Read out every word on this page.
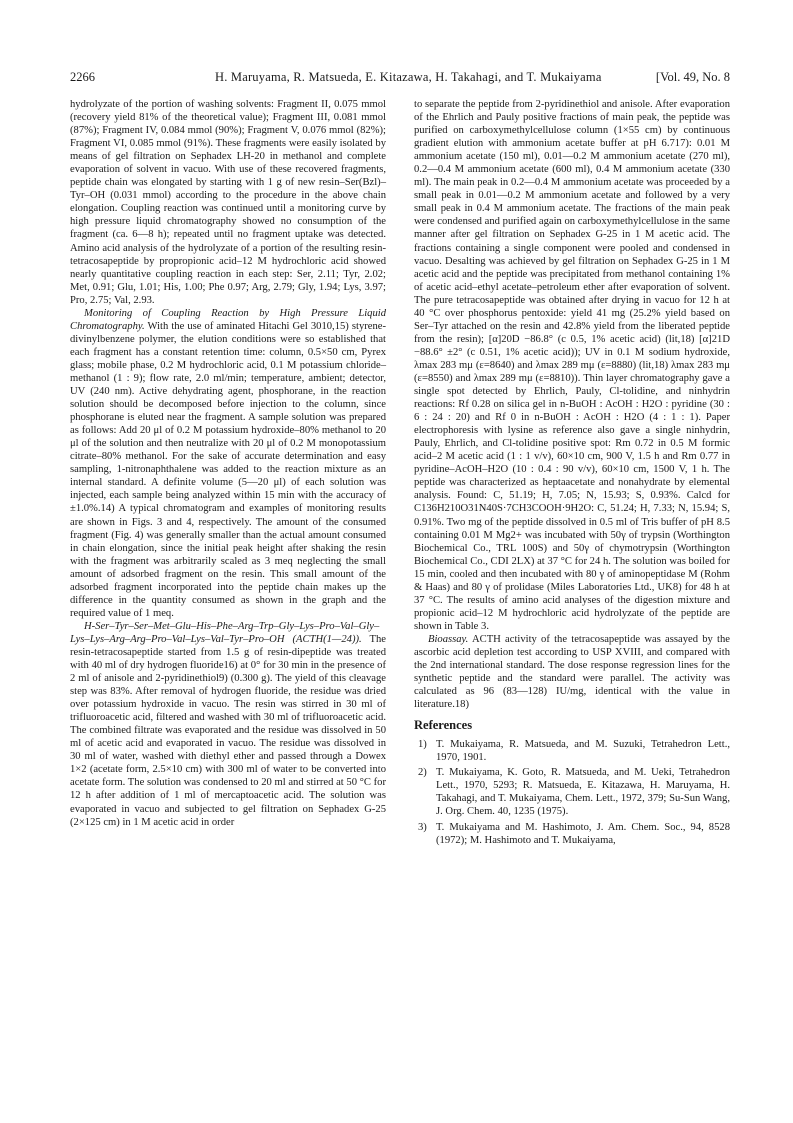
2266	H. Maruyama, R. Matsueda, E. Kitazawa, H. Takahagi, and T. Mukaiyama	[Vol. 49, No. 8

hydrolyzate of the portion of washing solvents: Fragment II, 0.075 mmol (recovery yield 81% of the theoretical value); Fragment III, 0.081 mmol (87%); Fragment IV, 0.084 mmol (90%); Fragment V, 0.076 mmol (82%); Fragment VI, 0.085 mmol (91%). These fragments were easily isolated by means of gel filtration on Sephadex LH-20 in methanol and complete evaporation of solvent in vacuo. With use of these recovered fragments, peptide chain was elongated by starting with 1 g of new resin–Ser(Bzl)–Tyr–OH (0.031 mmol) according to the procedure in the above chain elongation. Coupling reaction was continued until a monitoring curve by high pressure liquid chromatography showed no consumption of the fragment (ca. 6—8 h); repeated until no fragment uptake was detected. Amino acid analysis of the hydrolyzate of a portion of the resulting resin-tetracosapeptide by propropionic acid–12 M hydrochloric acid showed nearly quantitative coupling reaction in each step: Ser, 2.11; Tyr, 2.02; Met, 0.91; Glu, 1.01; His, 1.00; Phe 0.97; Arg, 2.79; Gly, 1.94; Lys, 3.97; Pro, 2.75; Val, 2.93.

Monitoring of Coupling Reaction by High Pressure Liquid Chromatography. With the use of aminated Hitachi Gel 3010,15) styrene-divinylbenzene polymer, the elution conditions were so established that each fragment has a constant retention time: column, 0.5×50 cm, Pyrex glass; mobile phase, 0.2 M hydrochloric acid, 0.1 M potassium chloride–methanol (1 : 9); flow rate, 2.0 ml/min; temperature, ambient; detector, UV (240 nm). Active dehydrating agent, phosphorane, in the reaction solution should be decomposed before injection to the column, since phosphorane is eluted near the fragment. A sample solution was prepared as follows: Add 20 μl of 0.2 M potassium hydroxide–80% methanol to 20 μl of the solution and then neutralize with 20 μl of 0.2 M monopotassium citrate–80% methanol. For the sake of accurate determination and easy sampling, 1-nitronaphthalene was added to the reaction mixture as an internal standard. A definite volume (5—20 μl) of each solution was injected, each sample being analyzed within 15 min with the accuracy of ±1.0%.14) A typical chromatogram and examples of monitoring results are shown in Figs. 3 and 4, respectively. The amount of the consumed fragment (Fig. 4) was generally smaller than the actual amount consumed in chain elongation, since the initial peak height after shaking the resin with the fragment was arbitrarily scaled as 3 meq neglecting the small amount of adsorbed fragment on the resin. This small amount of the adsorbed fragment incorporated into the peptide chain makes up the difference in the quantity consumed as shown in the graph and the required value of 1 meq.

H-Ser–Tyr–Ser–Met–Glu–His–Phe–Arg–Trp–Gly–Lys–Pro–Val–Gly–Lys–Lys–Arg–Arg–Pro–Val–Lys–Val–Tyr–Pro–OH (ACTH(1—24)). The resin-tetracosapeptide started from 1.5 g of resin-dipeptide was treated with 40 ml of dry hydrogen fluoride16) at 0° for 30 min in the presence of 2 ml of anisole and 2-pyridinethiol9) (0.300 g). The yield of this cleavage step was 83%. After removal of hydrogen fluoride, the residue was dried over potassium hydroxide in vacuo. The resin was stirred in 30 ml of trifluoroacetic acid, filtered and washed with 30 ml of trifluoroacetic acid. The combined filtrate was evaporated and the residue was dissolved in 50 ml of acetic acid and evaporated in vacuo. The residue was dissolved in 30 ml of water, washed with diethyl ether and passed through a Dowex 1×2 (acetate form, 2.5×10 cm) with 300 ml of water to be converted into acetate form. The solution was condensed to 20 ml and stirred at 50 °C for 12 h after addition of 1 ml of mercaptoacetic acid. The solution was evaporated in vacuo and subjected to gel filtration on Sephadex G-25 (2×125 cm) in 1 M acetic acid in order

to separate the peptide from 2-pyridinethiol and anisole. After evaporation of the Ehrlich and Pauly positive fractions of main peak, the peptide was purified on carboxymethylcellulose column (1×55 cm) by continuous gradient elution with ammonium acetate buffer at pH 6.717): 0.01 M ammonium acetate (150 ml), 0.01—0.2 M ammonium acetate (270 ml), 0.2—0.4 M ammonium acetate (600 ml), 0.4 M ammonium acetate (330 ml). The main peak in 0.2—0.4 M ammonium acetate was proceeded by a small peak in 0.01—0.2 M ammonium acetate and followed by a very small peak in 0.4 M ammonium acetate. The fractions of the main peak were condensed and purified again on carboxymethylcellulose in the same manner after gel filtration on Sephadex G-25 in 1 M acetic acid. The fractions containing a single component were pooled and condensed in vacuo. Desalting was achieved by gel filtration on Sephadex G-25 in 1 M acetic acid and the peptide was precipitated from methanol containing 1% of acetic acid–ethyl acetate–petroleum ether after evaporation of solvent. The pure tetracosapeptide was obtained after drying in vacuo for 12 h at 40 °C over phosphorus pentoxide: yield 41 mg (25.2% yield based on Ser–Tyr attached on the resin and 42.8% yield from the liberated peptide from the resin); [α]20D −86.8° (c 0.5, 1% acetic acid) (lit,18) [α]21D −88.6° ±2° (c 0.51, 1% acetic acid)); UV in 0.1 M sodium hydroxide, λmax 283 mμ (ε=8640) and λmax 289 mμ (ε=8880) (lit,18) λmax 283 mμ (ε=8550) and λmax 289 mμ (ε=8810)). Thin layer chromatography gave a single spot detected by Ehrlich, Pauly, Cl-tolidine, and ninhydrin reactions: Rf 0.28 on silica gel in n-BuOH : AcOH : H2O : pyridine (30 : 6 : 24 : 20) and Rf 0 in n-BuOH : AcOH : H2O (4 : 1 : 1). Paper electrophoresis with lysine as reference also gave a single ninhydrin, Pauly, Ehrlich, and Cl-tolidine positive spot: Rm 0.72 in 0.5 M formic acid–2 M acetic acid (1 : 1 v/v), 60×10 cm, 900 V, 1.5 h and Rm 0.77 in pyridine–AcOH–H2O (10 : 0.4 : 90 v/v), 60×10 cm, 1500 V, 1 h. The peptide was characterized as heptaacetate and nonahydrate by elemental analysis. Found: C, 51.19; H, 7.05; N, 15.93; S, 0.93%. Calcd for C136H210O31N40S·7CH3COOH·9H2O: C, 51.24; H, 7.33; N, 15.94; S, 0.91%. Two mg of the peptide dissolved in 0.5 ml of Tris buffer of pH 8.5 containing 0.01 M Mg2+ was incubated with 50γ of trypsin (Worthington Biochemical Co., TRL 100S) and 50γ of chymotrypsin (Worthington Biochemical Co., CDI 2LX) at 37 °C for 24 h. The solution was boiled for 15 min, cooled and then incubated with 80 γ of aminopeptidase M (Rohm & Haas) and 80 γ of prolidase (Miles Laboratories Ltd., UK8) for 48 h at 37 °C. The results of amino acid analyses of the digestion mixture and propionic acid–12 M hydrochloric acid hydrolyzate of the peptide are shown in Table 3.

Bioassay. ACTH activity of the tetracosapeptide was assayed by the ascorbic acid depletion test according to USP XVIII, and compared with the 2nd international standard. The dose response regression lines for the synthetic peptide and the standard were parallel. The activity was calculated as 96 (83—128) IU/mg, identical with the value in literature.18)

References

1) T. Mukaiyama, R. Matsueda, and M. Suzuki, Tetrahedron Lett., 1970, 1901.

2) T. Mukaiyama, K. Goto, R. Matsueda, and M. Ueki, Tetrahedron Lett., 1970, 5293; R. Matsueda, E. Kitazawa, H. Maruyama, H. Takahagi, and T. Mukaiyama, Chem. Lett., 1972, 379; Su-Sun Wang, J. Org. Chem. 40, 1235 (1975).

3) T. Mukaiyama and M. Hashimoto, J. Am. Chem. Soc., 94, 8528 (1972); M. Hashimoto and T. Mukaiyama,
